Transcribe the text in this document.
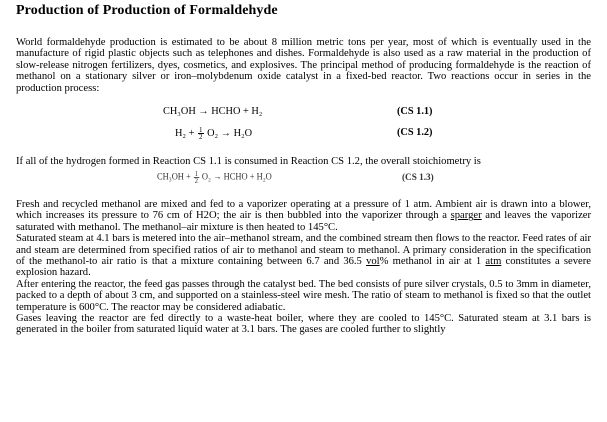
Production of Production of Formaldehyde

World formaldehyde production is estimated to be about 8 million metric tons per year, most of which is eventually used in the manufacture of rigid plastic objects such as telephones and dishes. Formaldehyde is also used as a raw material in the production of slow-release nitrogen fertilizers, dyes, cosmetics, and explosives. The principal method of producing formaldehyde is the reaction of methanol on a stationary silver or iron–molybdenum oxide catalyst in a fixed-bed reactor. Two reactions occur in series in the production process:

CH₃OH → HCHO + H₂	(CS 1.1)
$H_2 + \frac{1}{2} O_2 \to H_2O$	(CS 1.2)

If all of the hydrogen formed in Reaction CS 1.1 is consumed in Reaction CS 1.2, the overall stoichiometry is

$CH_3OH + \frac{1}{2} O_2$ → HCHO + H₂O	(CS 1.3)

Fresh and recycled methanol are mixed and fed to a vaporizer operating at a pressure of 1 atm. Ambient air is drawn into a blower, which increases its pressure to 76 cm of H2O; the air is then bubbled into the vaporizer through a sparger and leaves the vaporizer saturated with methanol. The methanol–air mixture is then heated to 145°C.

Saturated steam at 4.1 bars is metered into the air–methanol stream, and the combined stream then flows to the reactor. Feed rates of air and steam are determined from specified ratios of air to methanol and steam to methanol. A primary consideration in the specification of the methanol-to air ratio is that a mixture containing between 6.7 and 36.5 vol% methanol in air at 1 atm constitutes a severe explosion hazard.

After entering the reactor, the feed gas passes through the catalyst bed. The bed consists of pure silver crystals, 0.5 to 3mm in diameter, packed to a depth of about 3 cm, and supported on a stainless-steel wire mesh. The ratio of steam to methanol is fixed so that the outlet temperature is 600°C. The reactor may be considered adiabatic.

Gases leaving the reactor are fed directly to a waste-heat boiler, where they are cooled to 145°C. Saturated steam at 3.1 bars is generated in the boiler from saturated liquid water at 3.1 bars. The gases are cooled further to slightly
